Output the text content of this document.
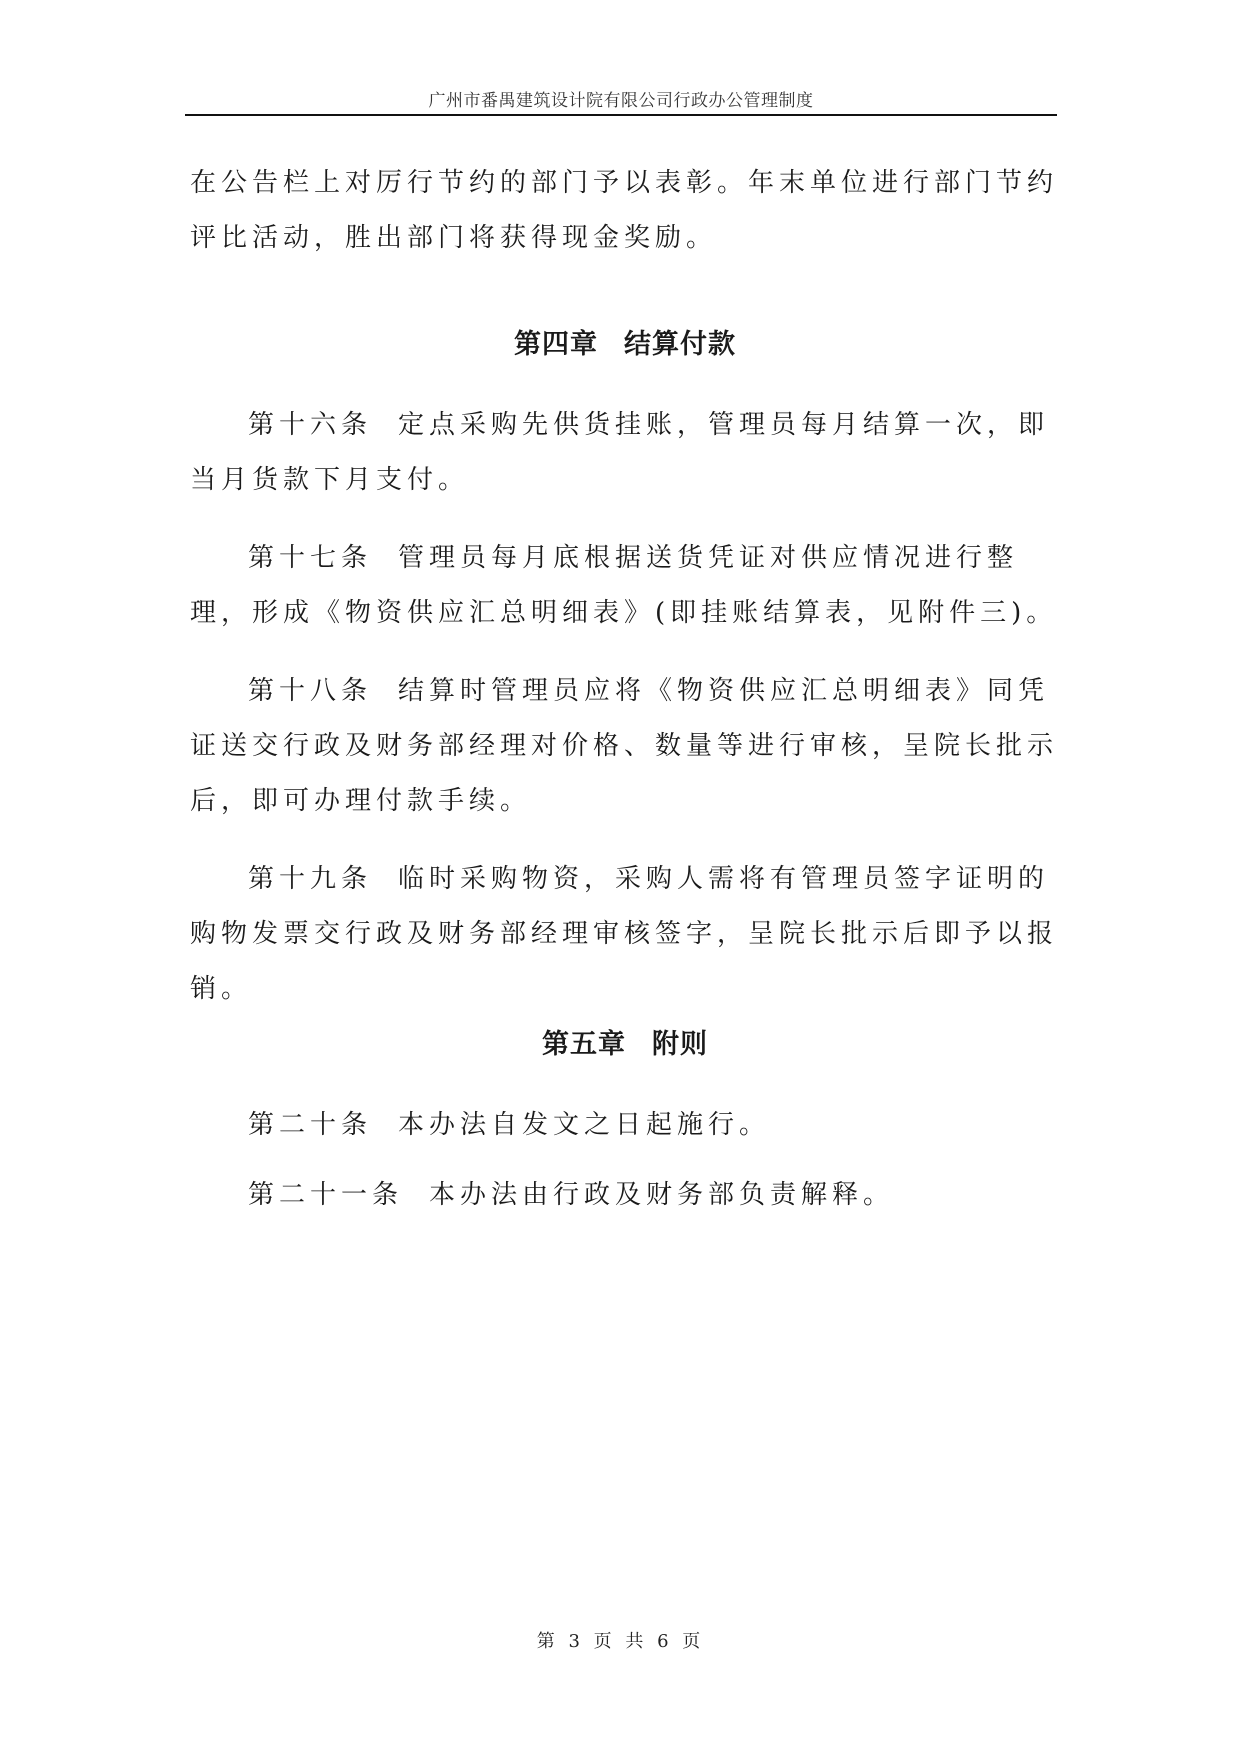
广州市番禺建筑设计院有限公司行政办公管理制度

在公告栏上对厉行节约的部门予以表彰。年末单位进行部门节约评比活动，胜出部门将获得现金奖励。

第四章 结算付款

第十六条 定点采购先供货挂账，管理员每月结算一次，即当月货款下月支付。

第十七条 管理员每月底根据送货凭证对供应情况进行整理，形成《物资供应汇总明细表》(即挂账结算表，见附件三)。

第十八条 结算时管理员应将《物资供应汇总明细表》同凭证送交行政及财务部经理对价格、数量等进行审核，呈院长批示后，即可办理付款手续。

第十九条 临时采购物资，采购人需将有管理员签字证明的购物发票交行政及财务部经理审核签字，呈院长批示后即予以报销。

第五章 附则

第二十条 本办法自发文之日起施行。

第二十一条 本办法由行政及财务部负责解释。

第 3 页 共 6 页
